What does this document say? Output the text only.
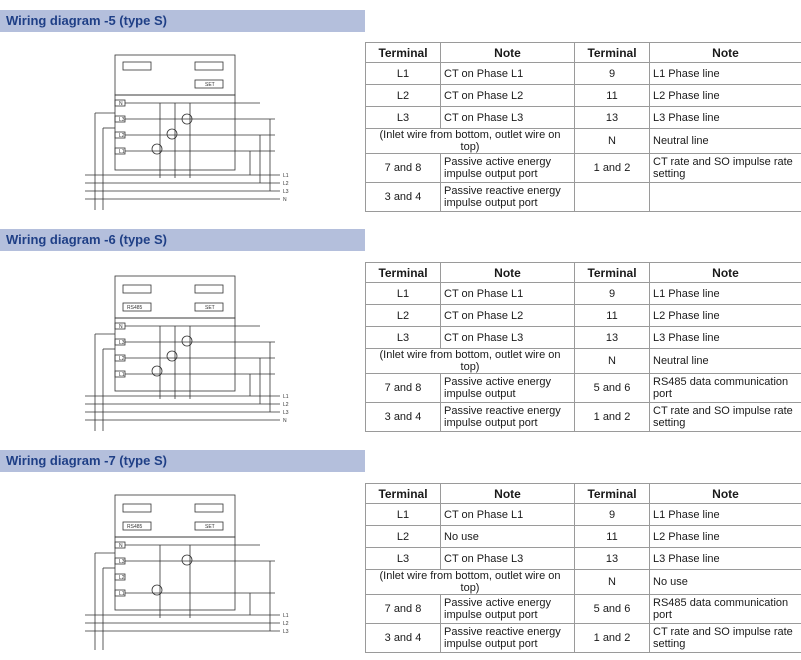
Wiring diagram -5 (type S)
N
L3
L2
L1
SET
L1
L2
L3
N
Terminal	Note	Terminal	Note
L1	CT on Phase L1	9	L1 Phase line
L2	CT on Phase L2	11	L2 Phase line
L3	CT on Phase L3	13	L3 Phase line
(Inlet wire from bottom, outlet wire on top)		N	Neutral line
7 and 8	Passive active energy impulse output port	1 and 2	CT rate and SO impulse rate setting
3 and 4	Passive reactive energy impulse output port		
Wiring diagram -6 (type S)
N
L3
L2
L1
RS485	SET
L1
L2
L3
N
Terminal	Note	Terminal	Note
L1	CT on Phase L1	9	L1 Phase line
L2	CT on Phase L2	11	L2 Phase line
L3	CT on Phase L3	13	L3 Phase line
(Inlet wire from bottom, outlet wire on top)		N	Neutral line
7 and 8	Passive active energy impulse output	5 and 6	RS485 data communication port
3 and 4	Passive reactive energy impulse output port	1 and 2	CT rate and SO impulse rate setting
Wiring diagram -7 (type S)
N
L3
L2
L1
RS485	SET
L1
L2
L3
Terminal	Note	Terminal	Note
L1	CT on Phase L1	9	L1 Phase line
L2	No use	11	L2 Phase line
L3	CT on Phase L3	13	L3 Phase line
(Inlet wire from bottom, outlet wire on top)		N	No use
7 and 8	Passive active energy impulse output port	5 and 6	RS485 data communication port
3 and 4	Passive reactive energy impulse output port	1 and 2	CT rate and SO impulse rate setting
